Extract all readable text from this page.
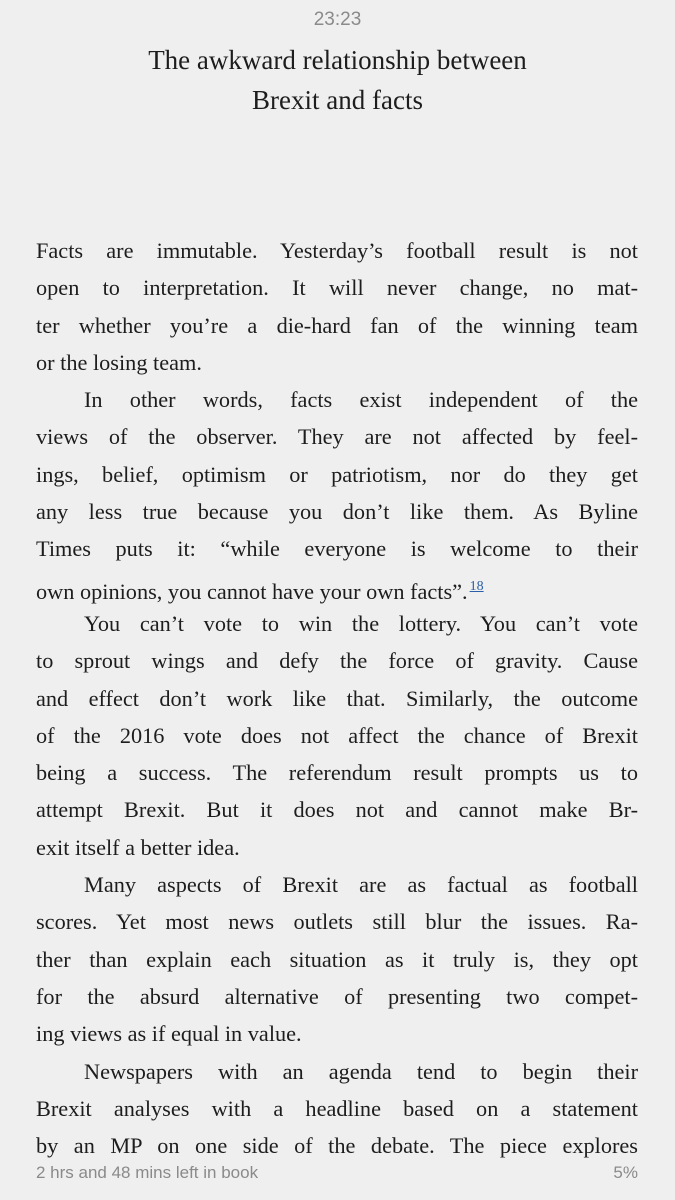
23:23
The awkward relationship between
Brexit and facts
Facts are immutable. Yesterday’s football result is not
open to interpretation. It will never change, no mat-
ter whether you’re a die-hard fan of the winning team
or the losing team.
In other words, facts exist independent of the
views of the observer. They are not affected by feel-
ings, belief, optimism or patriotism, nor do they get
any less true because you don’t like them. As Byline
Times puts it: “while everyone is welcome to their
own opinions, you cannot have your own facts”. $^{18}$
You can’t vote to win the lottery. You can’t vote
to sprout wings and defy the force of gravity. Cause
and effect don’t work like that. Similarly, the outcome
of the 2016 vote does not affect the chance of Brexit
being a success. The referendum result prompts us to
attempt Brexit. But it does not and cannot make Br-
exit itself a better idea.
Many aspects of Brexit are as factual as football
scores. Yet most news outlets still blur the issues. Ra-
ther than explain each situation as it truly is, they opt
for the absurd alternative of presenting two compet-
ing views as if equal in value.
Newspapers with an agenda tend to begin their
Brexit analyses with a headline based on a statement
by an MP on one side of the debate. The piece explores
2 hrs and 48 mins left in book	5%
